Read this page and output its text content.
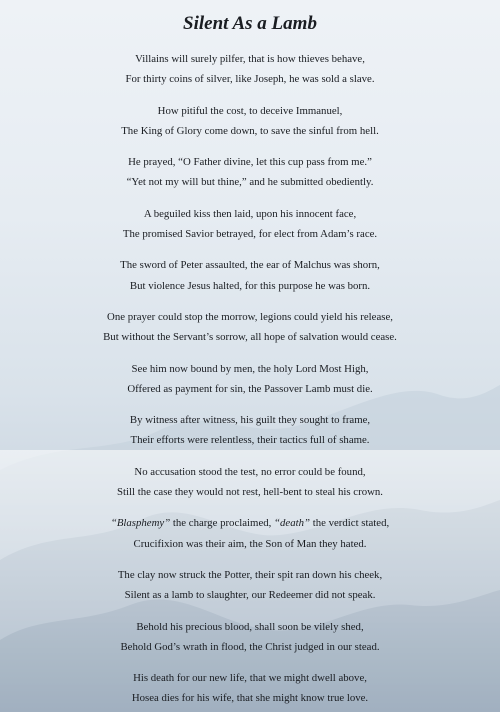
Silent As a Lamb
Villains will surely pilfer, that is how thieves behave,
For thirty coins of silver, like Joseph, he was sold a slave.
How pitiful the cost, to deceive Immanuel,
The King of Glory come down, to save the sinful from hell.
He prayed, “O Father divine, let this cup pass from me.”
“Yet not my will but thine,” and he submitted obediently.
A beguiled kiss then laid, upon his innocent face,
The promised Savior betrayed, for elect from Adam’s race.
The sword of Peter assaulted, the ear of Malchus was shorn,
But violence Jesus halted, for this purpose he was born.
One prayer could stop the morrow, legions could yield his release,
But without the Servant’s sorrow, all hope of salvation would cease.
See him now bound by men, the holy Lord Most High,
Offered as payment for sin, the Passover Lamb must die.
By witness after witness, his guilt they sought to frame,
Their efforts were relentless, their tactics full of shame.
No accusation stood the test, no error could be found,
Still the case they would not rest, hell-bent to steal his crown.
“Blasphemy” the charge proclaimed, “death” the verdict stated,
Crucifixion was their aim, the Son of Man they hated.
The clay now struck the Potter, their spit ran down his cheek,
Silent as a lamb to slaughter, our Redeemer did not speak.
Behold his precious blood, shall soon be vilely shed,
Behold God’s wrath in flood, the Christ judged in our stead.
His death for our new life, that we might dwell above,
Hosea dies for his wife, that she might know true love.
